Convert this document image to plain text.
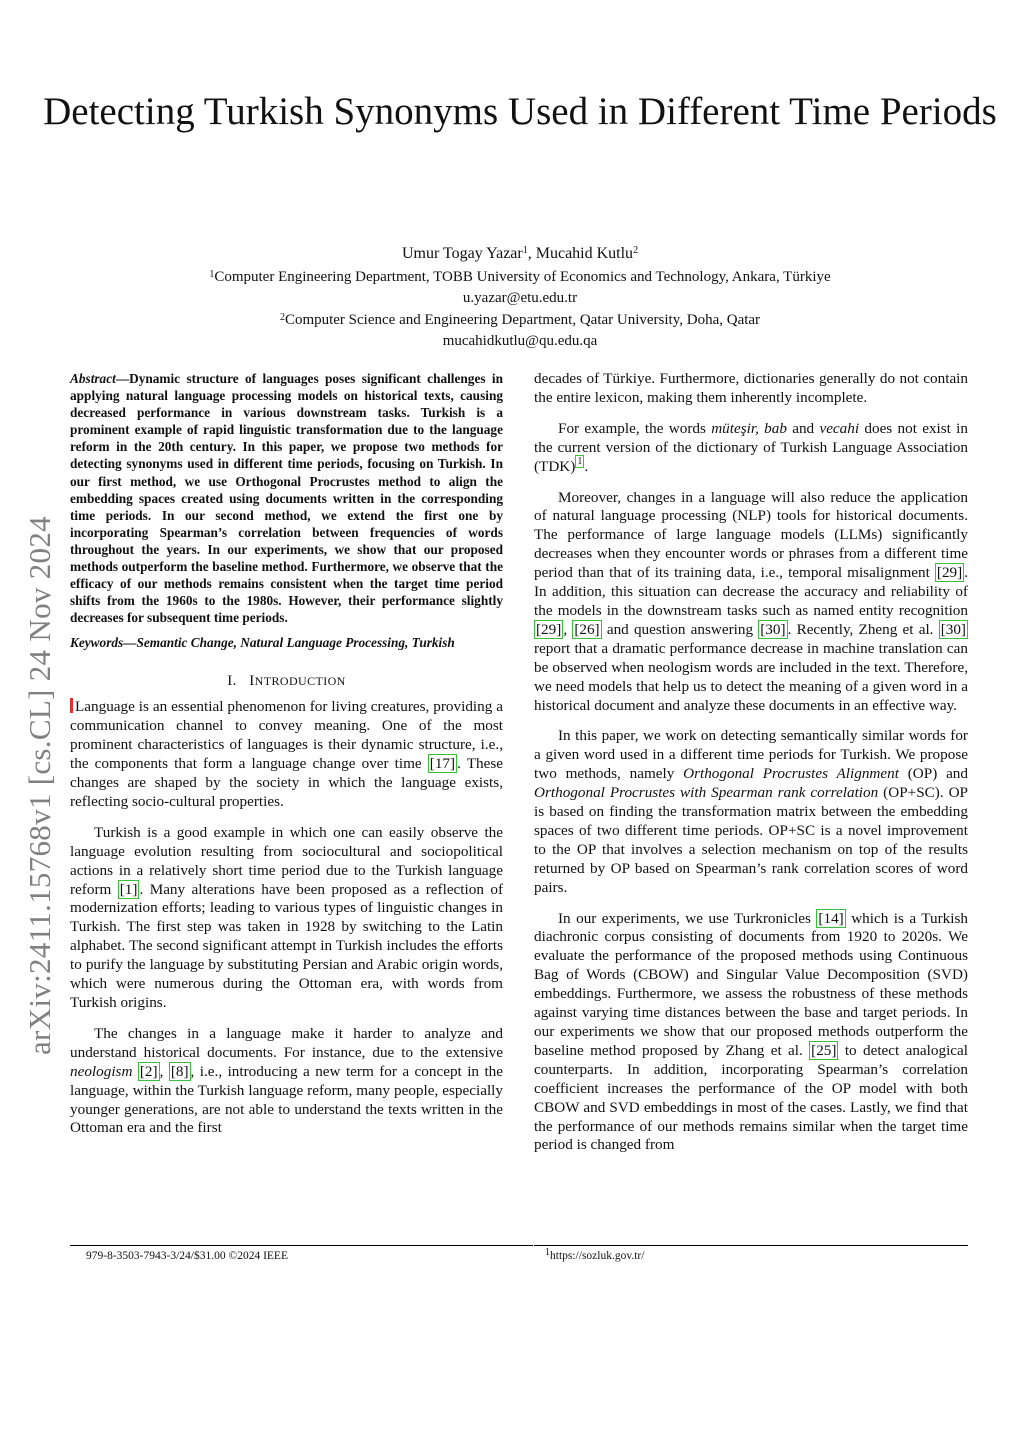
Detecting Turkish Synonyms Used in Different Time Periods
Umur Togay Yazar$^1$, Mucahid Kutlu$^2$
$^1$Computer Engineering Department, TOBB University of Economics and Technology, Ankara, Türkiye
u.yazar@etu.edu.tr
$^2$Computer Science and Engineering Department, Qatar University, Doha, Qatar
mucahidkutlu@qu.edu.qa
arXiv:2411.15768v1 [cs.CL] 24 Nov 2024

Abstract—Dynamic structure of languages poses significant challenges in applying natural language processing models on historical texts, causing decreased performance in various downstream tasks. Turkish is a prominent example of rapid linguistic transformation due to the language reform in the 20th century. In this paper, we propose two methods for detecting synonyms used in different time periods, focusing on Turkish. In our first method, we use Orthogonal Procrustes method to align the embedding spaces created using documents written in the corresponding time periods. In our second method, we extend the first one by incorporating Spearman’s correlation between frequencies of words throughout the years. In our experiments, we show that our proposed methods outperform the baseline method. Furthermore, we observe that the efficacy of our methods remains consistent when the target time period shifts from the 1960s to the 1980s. However, their performance slightly decreases for subsequent time periods.

Keywords—Semantic Change, Natural Language Processing, Turkish

I. INTRODUCTION

Language is an essential phenomenon for living creatures, providing a communication channel to convey meaning. One of the most prominent characteristics of languages is their dynamic structure, i.e., the components that form a language change over time [17] . These changes are shaped by the society in which the language exists, reflecting socio-cultural properties.

Turkish is a good example in which one can easily observe the language evolution resulting from sociocultural and sociopolitical actions in a relatively short time period due to the Turkish language reform [1] . Many alterations have been proposed as a reflection of modernization efforts; leading to various types of linguistic changes in Turkish. The first step was taken in 1928 by switching to the Latin alphabet. The second significant attempt in Turkish includes the efforts to purify the language by substituting Persian and Arabic origin words, which were numerous during the Ottoman era, with words from Turkish origins.

The changes in a language make it harder to analyze and understand historical documents. For instance, due to the extensive neologism [2] , [8] , i.e., introducing a new term for a concept in the language, within the Turkish language reform, many people, especially younger generations, are not able to understand the texts written in the Ottoman era and the first

decades of Türkiye. Furthermore, dictionaries generally do not contain the entire lexicon, making them inherently incomplete.

For example, the words müteşir, bab and vecahi does not exist in the current version of the dictionary of Turkish Language Association (TDK) $^1$ .

Moreover, changes in a language will also reduce the application of natural language processing (NLP) tools for historical documents. The performance of large language models (LLMs) significantly decreases when they encounter words or phrases from a different time period than that of its training data, i.e., temporal misalignment [29] . In addition, this situation can decrease the accuracy and reliability of the models in the downstream tasks such as named entity recognition [29] , [26] and question answering [30] . Recently, Zheng et al. [30] report that a dramatic performance decrease in machine translation can be observed when neologism words are included in the text. Therefore, we need models that help us to detect the meaning of a given word in a historical document and analyze these documents in an effective way.

In this paper, we work on detecting semantically similar words for a given word used in a different time periods for Turkish. We propose two methods, namely Orthogonal Procrustes Alignment (OP) and Orthogonal Procrustes with Spearman rank correlation (OP+SC). OP is based on finding the transformation matrix between the embedding spaces of two different time periods. OP+SC is a novel improvement to the OP that involves a selection mechanism on top of the results returned by OP based on Spearman’s rank correlation scores of word pairs.

In our experiments, we use Turkronicles [14] which is a Turkish diachronic corpus consisting of documents from 1920 to 2020s. We evaluate the performance of the proposed methods using Continuous Bag of Words (CBOW) and Singular Value Decomposition (SVD) embeddings. Furthermore, we assess the robustness of these methods against varying time distances between the base and target periods. In our experiments we show that our proposed methods outperform the baseline method proposed by Zhang et al. [25] to detect analogical counterparts. In addition, incorporating Spearman’s correlation coefficient increases the performance of the OP model with both CBOW and SVD embeddings in most of the cases. Lastly, we find that the performance of our methods remains similar when the target time period is changed from

979-8-3503-7943-3/24/$31.00 ©2024 IEEE	$^1$https://sozluk.gov.tr/
